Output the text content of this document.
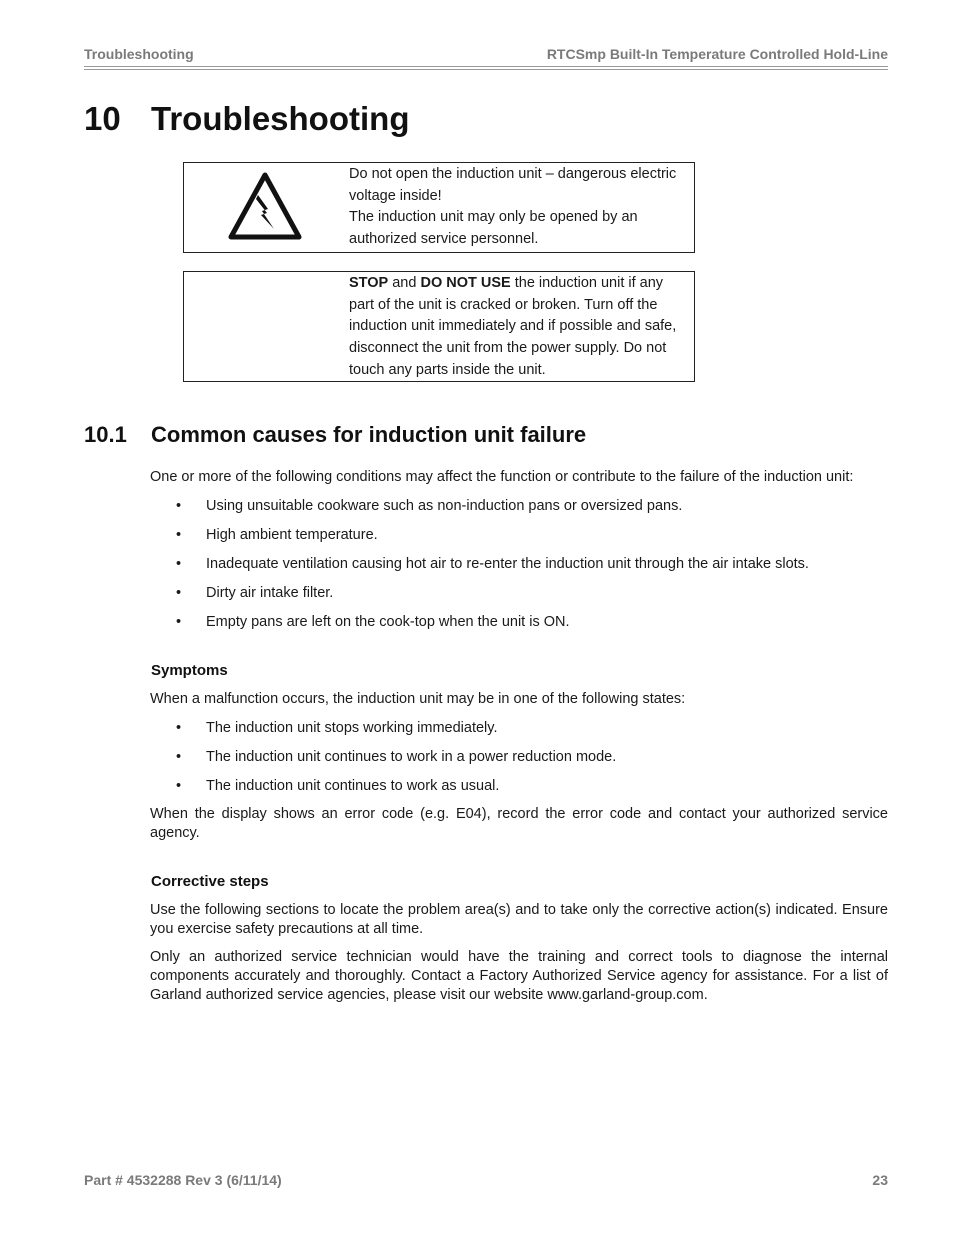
Troubleshooting	RTCSmp Built-In Temperature Controlled Hold-Line
10 Troubleshooting
Do not open the induction unit – dangerous electric voltage inside!
The induction unit may only be opened by an authorized service personnel.
STOP and DO NOT USE the induction unit if any part of the unit is cracked or broken. Turn off the induction unit immediately and if possible and safe, disconnect the unit from the power supply. Do not touch any parts inside the unit.
10.1 Common causes for induction unit failure
One or more of the following conditions may affect the function or contribute to the failure of the induction unit:
• Using unsuitable cookware such as non-induction pans or oversized pans.
• High ambient temperature.
• Inadequate ventilation causing hot air to re-enter the induction unit through the air intake slots.
• Dirty air intake filter.
• Empty pans are left on the cook-top when the unit is ON.
Symptoms
When a malfunction occurs, the induction unit may be in one of the following states:
• The induction unit stops working immediately.
• The induction unit continues to work in a power reduction mode.
• The induction unit continues to work as usual.
When the display shows an error code (e.g. E04), record the error code and contact your authorized service agency.
Corrective steps
Use the following sections to locate the problem area(s) and to take only the corrective action(s) indicated. Ensure you exercise safety precautions at all time.
Only an authorized service technician would have the training and correct tools to diagnose the internal components accurately and thoroughly. Contact a Factory Authorized Service agency for assistance. For a list of Garland authorized service agencies, please visit our website www.garland-group.com.
Part # 4532288 Rev 3 (6/11/14)	23
